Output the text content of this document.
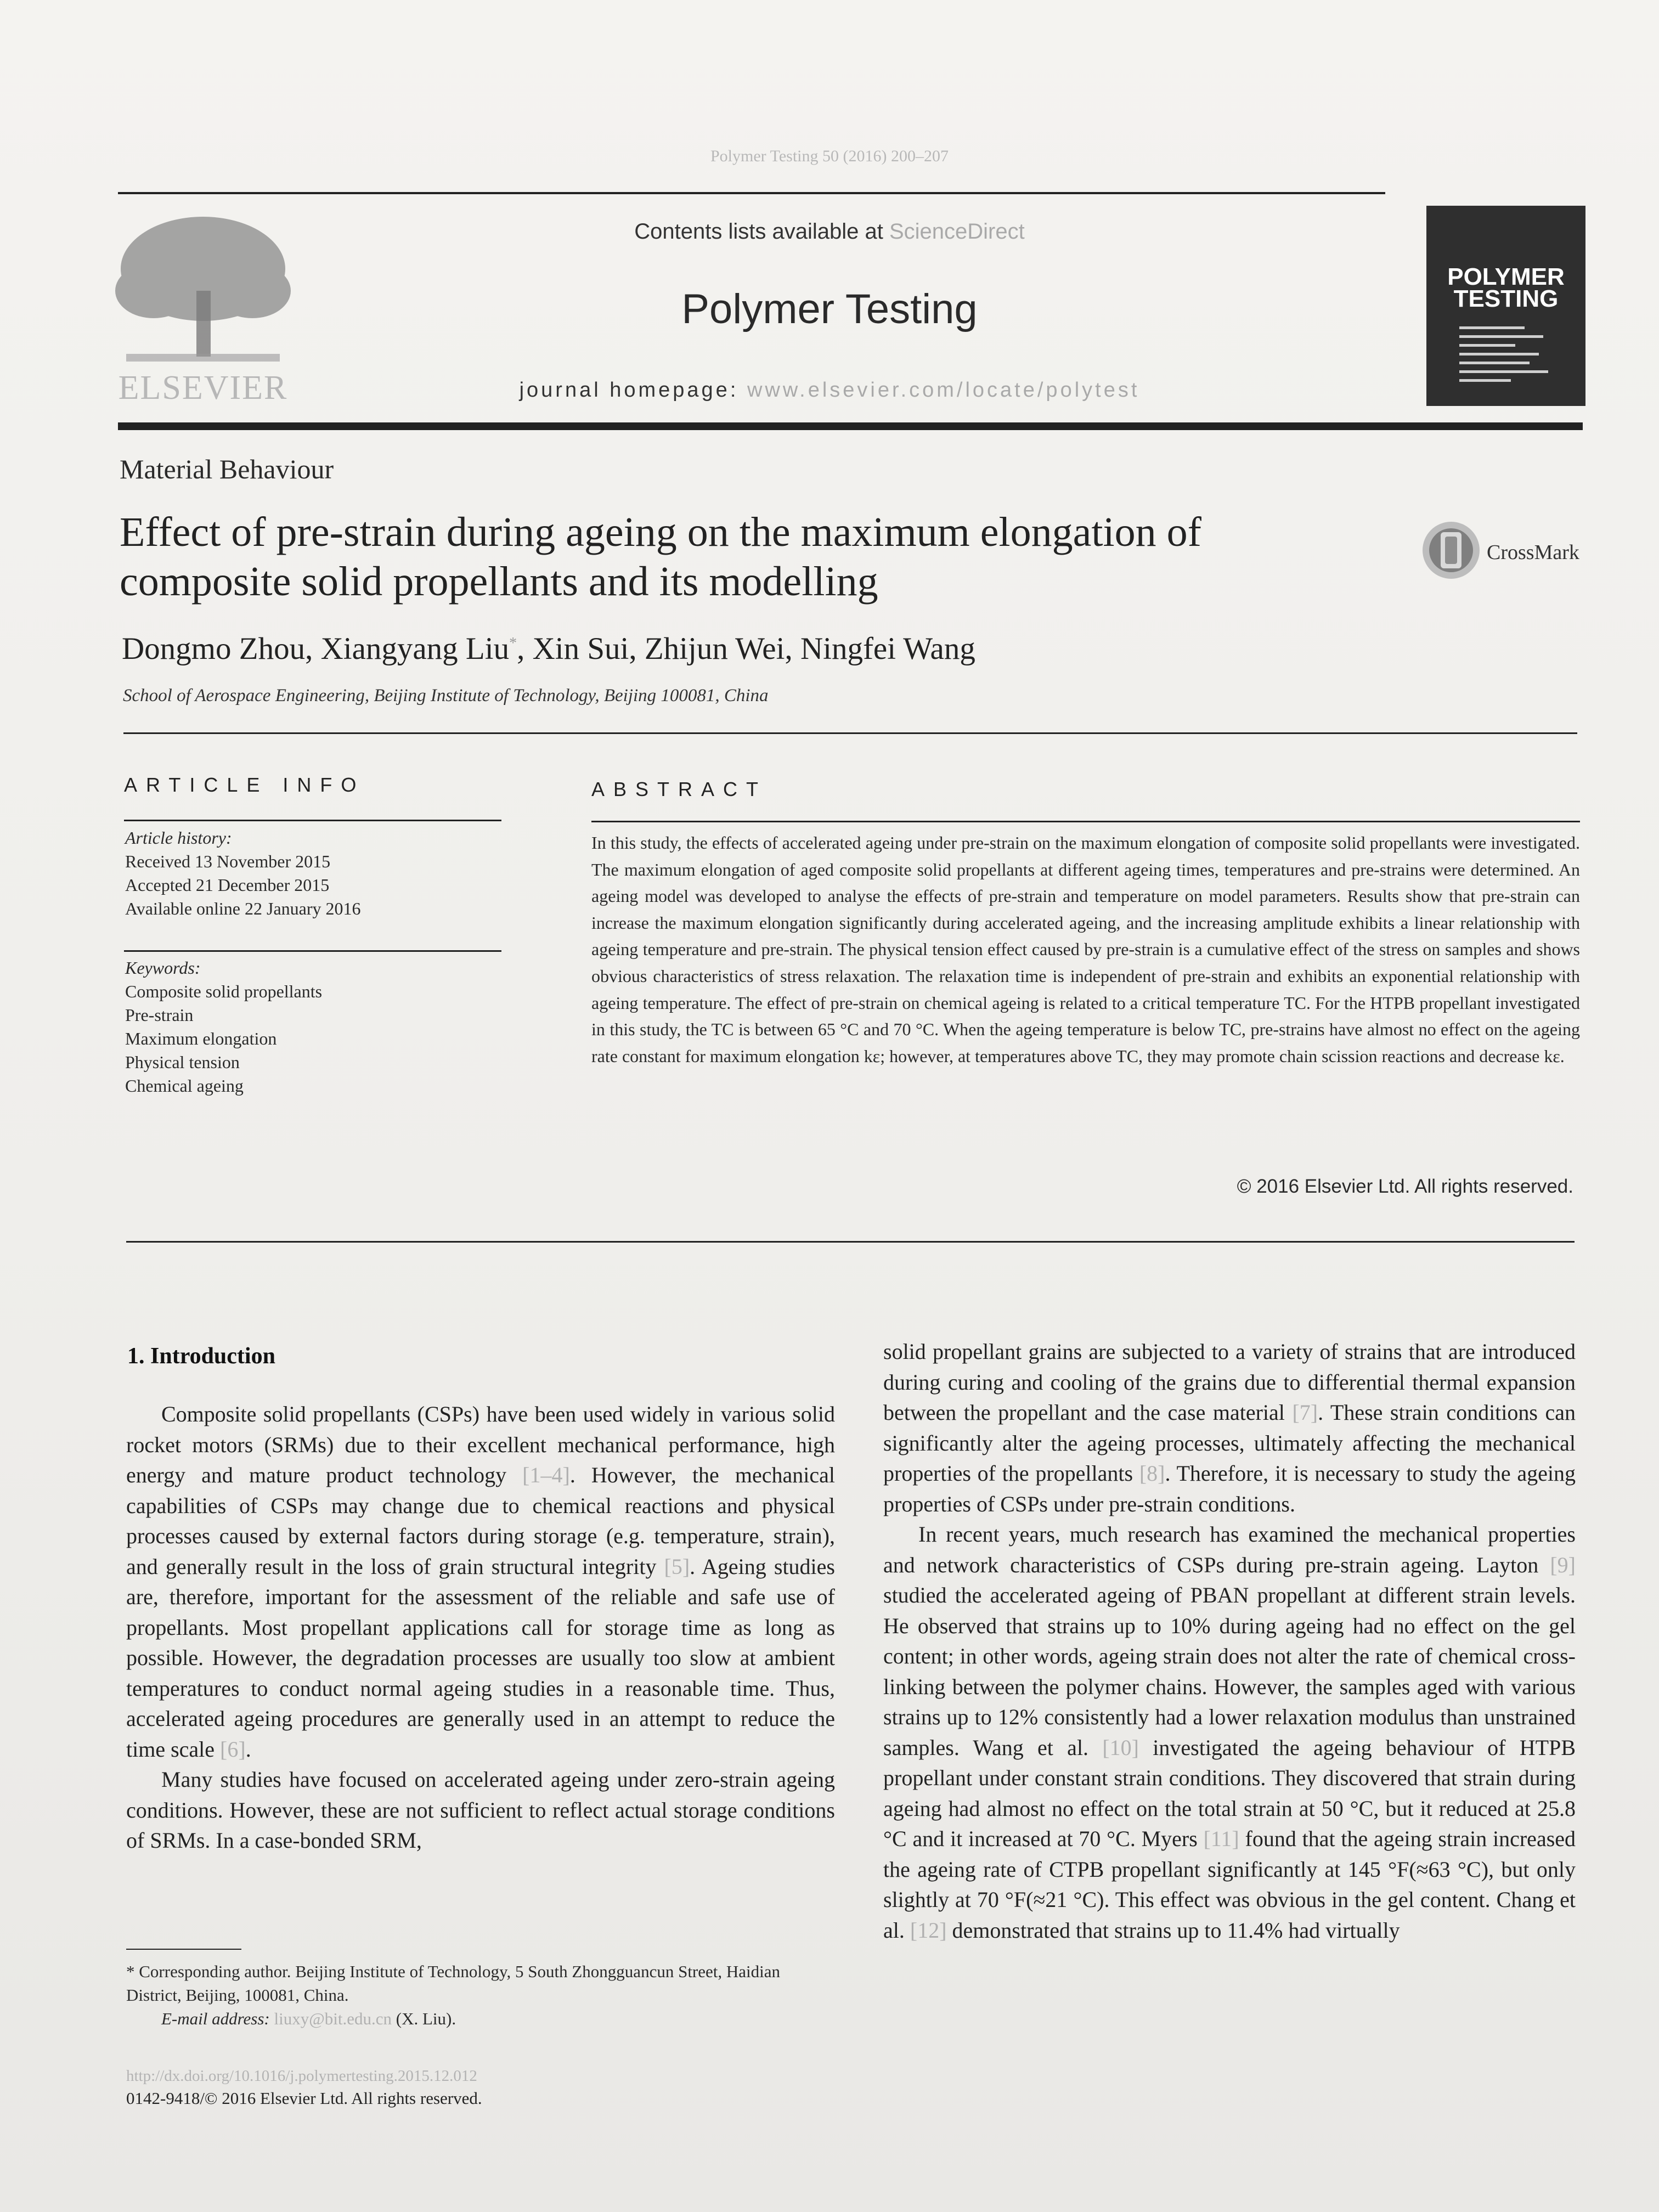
Polymer Testing 50 (2016) 200–207
ELSEVIER
Contents lists available at ScienceDirect
Polymer Testing
journal homepage: www.elsevier.com/locate/polytest
POLYMER
TESTING
Material Behaviour
Effect of pre-strain during ageing on the maximum elongation of
composite solid propellants and its modelling
CrossMark
Dongmo Zhou, Xiangyang Liu*, Xin Sui, Zhijun Wei, Ningfei Wang
School of Aerospace Engineering, Beijing Institute of Technology, Beijing 100081, China
ARTICLE INFO	ABSTRACT
Article history:
Received 13 November 2015
Accepted 21 December 2015
Available online 22 January 2016
Keywords:
Composite solid propellants
Pre-strain
Maximum elongation
Physical tension
Chemical ageing
In this study, the effects of accelerated ageing under pre-strain on the maximum elongation of composite solid propellants were investigated. The maximum elongation of aged composite solid propellants at different ageing times, temperatures and pre-strains were determined. An ageing model was developed to analyse the effects of pre-strain and temperature on model parameters. Results show that pre-strain can increase the maximum elongation significantly during accelerated ageing, and the increasing amplitude exhibits a linear relationship with ageing temperature and pre-strain. The physical tension effect caused by pre-strain is a cumulative effect of the stress on samples and shows obvious characteristics of stress relaxation. The relaxation time is independent of pre-strain and exhibits an exponential relationship with ageing temperature. The effect of pre-strain on chemical ageing is related to a critical temperature TC. For the HTPB propellant investigated in this study, the TC is between 65 °C and 70 °C. When the ageing temperature is below TC, pre-strains have almost no effect on the ageing rate constant for maximum elongation kε; however, at temperatures above TC, they may promote chain scission reactions and decrease kε.
© 2016 Elsevier Ltd. All rights reserved.
1. Introduction

Composite solid propellants (CSPs) have been used widely in various solid rocket motors (SRMs) due to their excellent mechanical performance, high energy and mature product technology [1–4]. However, the mechanical capabilities of CSPs may change due to chemical reactions and physical processes caused by external factors during storage (e.g. temperature, strain), and generally result in the loss of grain structural integrity [5]. Ageing studies are, therefore, important for the assessment of the reliable and safe use of propellants. Most propellant applications call for storage time as long as possible. However, the degradation processes are usually too slow at ambient temperatures to conduct normal ageing studies in a reasonable time. Thus, accelerated ageing procedures are generally used in an attempt to reduce the time scale [6].

Many studies have focused on accelerated ageing under zero-strain ageing conditions. However, these are not sufficient to reflect actual storage conditions of SRMs. In a case-bonded SRM,

solid propellant grains are subjected to a variety of strains that are introduced during curing and cooling of the grains due to differential thermal expansion between the propellant and the case material [7]. These strain conditions can significantly alter the ageing processes, ultimately affecting the mechanical properties of the propellants [8]. Therefore, it is necessary to study the ageing properties of CSPs under pre-strain conditions.

In recent years, much research has examined the mechanical properties and network characteristics of CSPs during pre-strain ageing. Layton [9] studied the accelerated ageing of PBAN propellant at different strain levels. He observed that strains up to 10% during ageing had no effect on the gel content; in other words, ageing strain does not alter the rate of chemical cross-linking between the polymer chains. However, the samples aged with various strains up to 12% consistently had a lower relaxation modulus than unstrained samples. Wang et al. [10] investigated the ageing behaviour of HTPB propellant under constant strain conditions. They discovered that strain during ageing had almost no effect on the total strain at 50 °C, but it reduced at 25.8 °C and it increased at 70 °C. Myers [11] found that the ageing strain increased the ageing rate of CTPB propellant significantly at 145 °F(≈63 °C), but only slightly at 70 °F(≈21 °C). This effect was obvious in the gel content. Chang et al. [12] demonstrated that strains up to 11.4% had virtually

* Corresponding author. Beijing Institute of Technology, 5 South Zhongguancun Street, Haidian District, Beijing, 100081, China.
E-mail address: liuxy@bit.edu.cn (X. Liu).
http://dx.doi.org/10.1016/j.polymertesting.2015.12.012
0142-9418/© 2016 Elsevier Ltd. All rights reserved.
